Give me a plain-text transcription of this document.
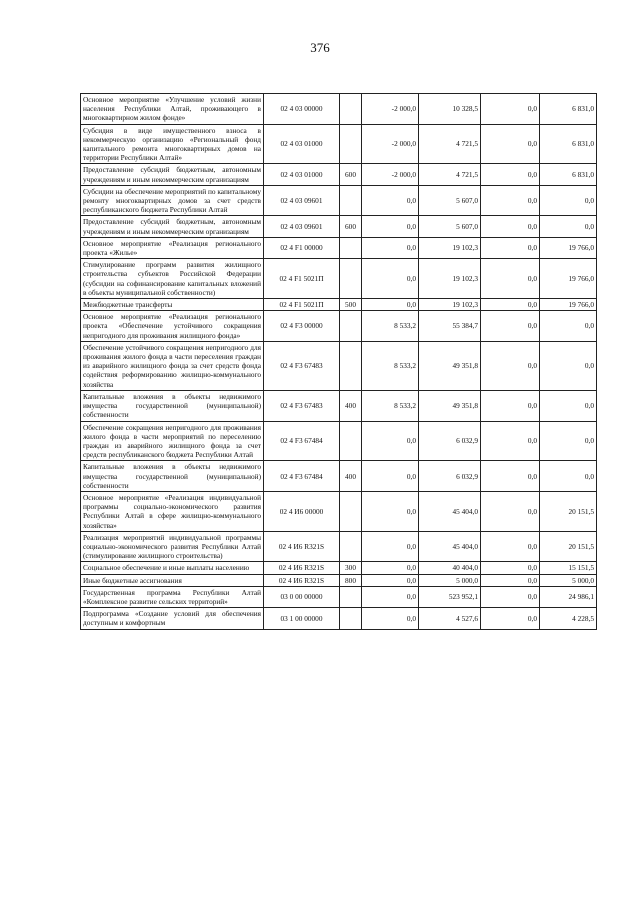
376
Основное мероприятие «Улучшение условий жизни населения Республики Алтай, проживающего в многоквартирном жилом фонде»	02 4 03 00000		-2 000,0	10 328,5	0,0	6 831,0
Субсидия в виде имущественного взноса в некоммерческую организацию «Региональный фонд капитального ремонта многоквартирных домов на территории Республики Алтай»	02 4 03 01000		-2 000,0	4 721,5	0,0	6 831,0
Предоставление субсидий бюджетным, автономным учреждениям и иным некоммерческим организациям	02 4 03 01000	600	-2 000,0	4 721,5	0,0	6 831,0
Субсидии на обеспечение мероприятий по капитальному ремонту многоквартирных домов за счет средств республиканского бюджета Республики Алтай	02 4 03 09601		0,0	5 607,0	0,0	0,0
Предоставление субсидий бюджетным, автономным учреждениям и иным некоммерческим организациям	02 4 03 09601	600	0,0	5 607,0	0,0	0,0
Основное мероприятие «Реализация регионального проекта «Жилье»	02 4 F1 00000		0,0	19 102,3	0,0	19 766,0
Стимулирование программ развития жилищного строительства субъектов Российской Федерации (субсидии на софинансирование капитальных вложений в объекты муниципальной собственности)	02 4 F1 5021П		0,0	19 102,3	0,0	19 766,0
Межбюджетные трансферты	02 4 F1 5021П	500	0,0	19 102,3	0,0	19 766,0
Основное мероприятие «Реализация регионального проекта «Обеспечение устойчивого сокращения непригодного для проживания жилищного фонда»	02 4 F3 00000		8 533,2	55 384,7	0,0	0,0
Обеспечение устойчивого сокращения непригодного для проживания жилого фонда в части переселения граждан из аварийного жилищного фонда за счет средств фонда содействия реформированию жилищно-коммунального хозяйства	02 4 F3 67483		8 533,2	49 351,8	0,0	0,0
Капитальные вложения в объекты недвижимого имущества государственной (муниципальной) собственности	02 4 F3 67483	400	8 533,2	49 351,8	0,0	0,0
Обеспечение сокращения непригодного для проживания жилого фонда в части мероприятий по переселению граждан из аварийного жилищного фонда за счет средств республиканского бюджета Республики Алтай	02 4 F3 67484		0,0	6 032,9	0,0	0,0
Капитальные вложения в объекты недвижимого имущества государственной (муниципальной) собственности	02 4 F3 67484	400	0,0	6 032,9	0,0	0,0
Основное мероприятие «Реализация индивидуальной программы социально-экономического развития Республики Алтай в сфере жилищно-коммунального хозяйства»	02 4 И6 00000		0,0	45 404,0	0,0	20 151,5
Реализация мероприятий индивидуальной программы социально-экономического развития Республики Алтай (стимулирование жилищного строительства)	02 4 И6 R321S		0,0	45 404,0	0,0	20 151,5
Социальное обеспечение и иные выплаты населению	02 4 И6 R321S	300	0,0	40 404,0	0,0	15 151,5
Иные бюджетные ассигнования	02 4 И6 R321S	800	0,0	5 000,0	0,0	5 000,0
Государственная программа Республики Алтай «Комплексное развитие сельских территорий»	03 0 00 00000		0,0	523 952,1	0,0	24 986,1
Подпрограмма «Создание условий для обеспечения доступным и комфортным	03 1 00 00000		0,0	4 527,6	0,0	4 228,5
